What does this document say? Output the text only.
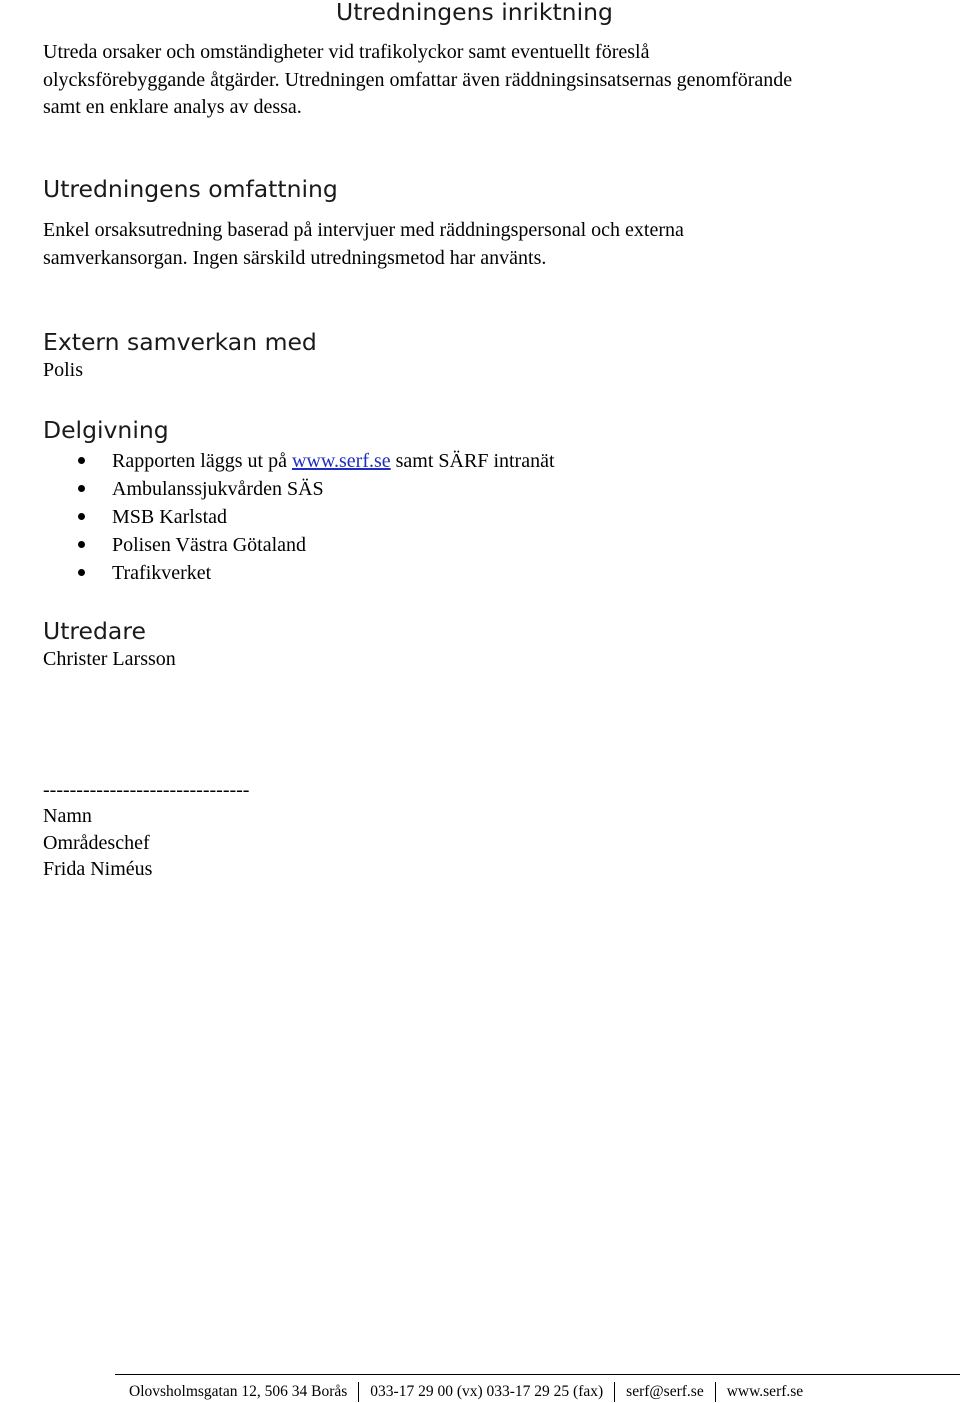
Utredningens inriktning

Utreda orsaker och omständigheter vid trafikolyckor samt eventuellt föreslå
olycksförebyggande åtgärder. Utredningen omfattar även räddningsinsatsernas genomförande
samt en enklare analys av dessa.

Utredningens omfattning

Enkel orsaksutredning baserad på intervjuer med räddningspersonal och externa
samverkansorgan. Ingen särskild utredningsmetod har använts.

Extern samverkan med

Polis

Delgivning
Rapporten läggs ut på www.serf.se samt SÄRF intranät
Ambulanssjukvården SÄS
MSB Karlstad
Polisen Västra Götaland
Trafikverket
Utredare

Christer Larsson

-------------------------------

Namn

Områdeschef

Frida Niméus

Olovsholmsgatan 12, 506 34 Borås	033-17 29 00 (vx) 033-17 29 25 (fax)	serf@serf.se	www.serf.se
